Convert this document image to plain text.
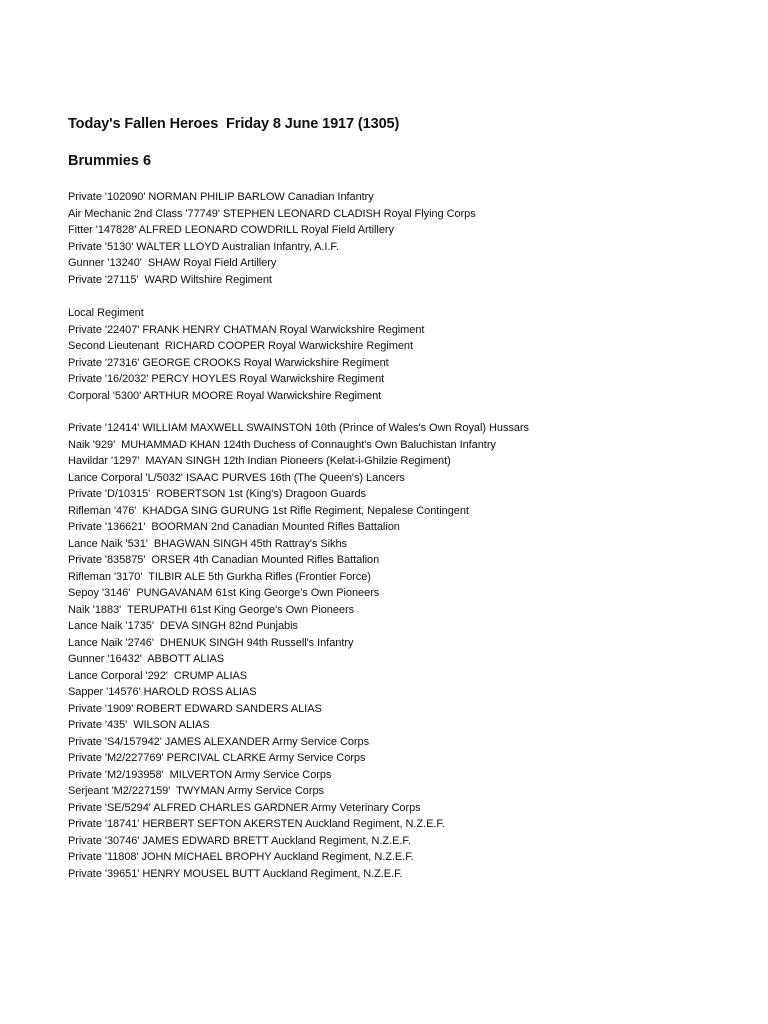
Today's Fallen Heroes  Friday 8 June 1917 (1305)
Brummies 6
Private '102090' NORMAN PHILIP BARLOW Canadian Infantry
Air Mechanic 2nd Class '77749' STEPHEN LEONARD CLADISH Royal Flying Corps
Fitter '147828' ALFRED LEONARD COWDRILL Royal Field Artillery
Private '5130' WALTER LLOYD Australian Infantry, A.I.F.
Gunner '13240'  SHAW Royal Field Artillery
Private '27115'  WARD Wiltshire Regiment
Local Regiment
Private '22407' FRANK HENRY CHATMAN Royal Warwickshire Regiment
Second Lieutenant  RICHARD COOPER Royal Warwickshire Regiment
Private '27316' GEORGE CROOKS Royal Warwickshire Regiment
Private '16/2032' PERCY HOYLES Royal Warwickshire Regiment
Corporal '5300' ARTHUR MOORE Royal Warwickshire Regiment
Private '12414' WILLIAM MAXWELL SWAINSTON 10th (Prince of Wales's Own Royal) Hussars
Naik '929'  MUHAMMAD KHAN 124th Duchess of Connaught's Own Baluchistan Infantry
Havildar '1297'  MAYAN SINGH 12th Indian Pioneers (Kelat-i-Ghilzie Regiment)
Lance Corporal 'L/5032' ISAAC PURVES 16th (The Queen's) Lancers
Private 'D/10315'  ROBERTSON 1st (King's) Dragoon Guards
Rifleman '476'  KHADGA SING GURUNG 1st Rifle Regiment, Nepalese Contingent
Private '136621'  BOORMAN 2nd Canadian Mounted Rifles Battalion
Lance Naik '531'  BHAGWAN SINGH 45th Rattray's Sikhs
Private '835875'  ORSER 4th Canadian Mounted Rifles Battalion
Rifleman '3170'  TILBIR ALE 5th Gurkha Rifles (Frontier Force)
Sepoy '3146'  PUNGAVANAM 61st King George's Own Pioneers
Naik '1883'  TERUPATHI 61st King George's Own Pioneers
Lance Naik '1735'  DEVA SINGH 82nd Punjabis
Lance Naik '2746'  DHENUK SINGH 94th Russell's Infantry
Gunner '16432'  ABBOTT ALIAS
Lance Corporal '292'  CRUMP ALIAS
Sapper '14576' HAROLD ROSS ALIAS
Private '1909' ROBERT EDWARD SANDERS ALIAS
Private '435'  WILSON ALIAS
Private 'S4/157942' JAMES ALEXANDER Army Service Corps
Private 'M2/227769' PERCIVAL CLARKE Army Service Corps
Private 'M2/193958'  MILVERTON Army Service Corps
Serjeant 'M2/227159'  TWYMAN Army Service Corps
Private 'SE/5294' ALFRED CHARLES GARDNER Army Veterinary Corps
Private '18741' HERBERT SEFTON AKERSTEN Auckland Regiment, N.Z.E.F.
Private '30746' JAMES EDWARD BRETT Auckland Regiment, N.Z.E.F.
Private '11808' JOHN MICHAEL BROPHY Auckland Regiment, N.Z.E.F.
Private '39651' HENRY MOUSEL BUTT Auckland Regiment, N.Z.E.F.
